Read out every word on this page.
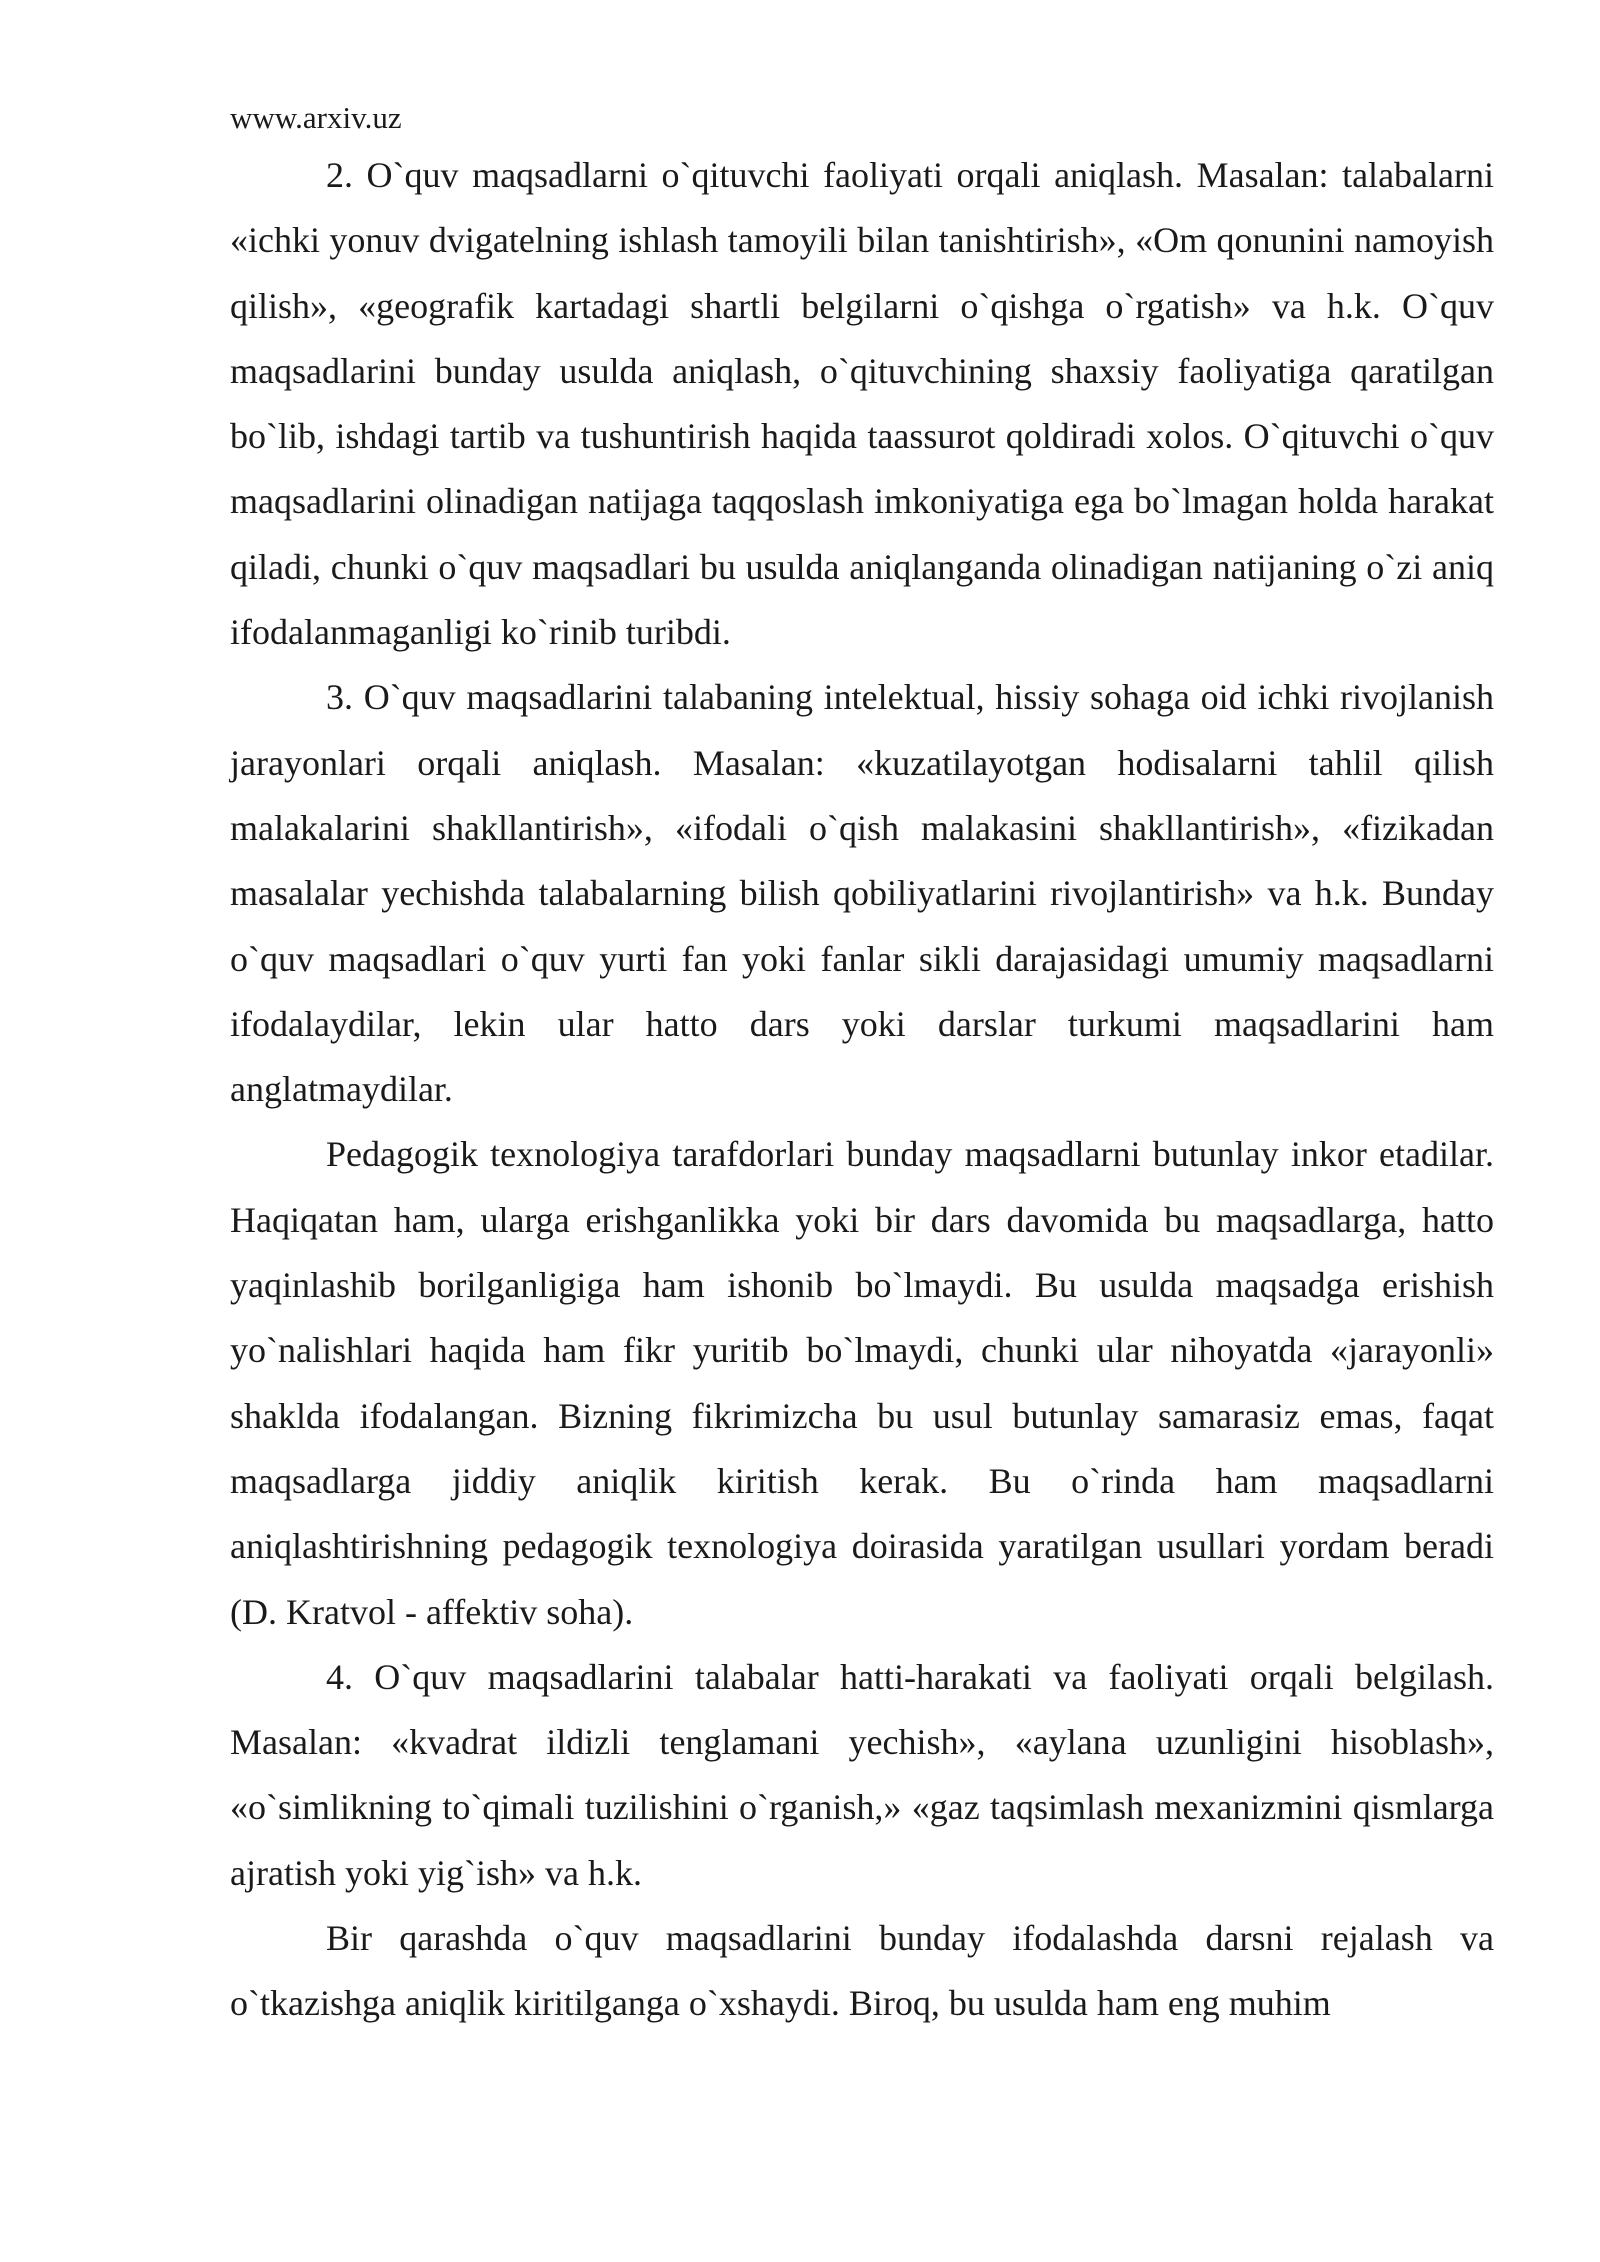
www.arxiv.uz

2. O`quv maqsadlarni o`qituvchi faoliyati orqali aniqlash. Masalan: talabalarni «ichki yonuv dvigatelning ishlash tamoyili bilan tanishtirish», «Om qonunini namoyish qilish», «geografik kartadagi shartli belgilarni o`qishga o`rgatish» va h.k. O`quv maqsadlarini bunday usulda aniqlash, o`qituvchining shaxsiy faoliyatiga qaratilgan bo`lib, ishdagi tartib va tushuntirish haqida taassurot qoldiradi xolos. O`qituvchi o`quv maqsadlarini olinadigan natijaga taqqoslash imkoniyatiga ega bo`lmagan holda harakat qiladi, chunki o`quv maqsadlari bu usulda aniqlanganda olinadigan natijaning o`zi aniq ifodalanmaganligi ko`rinib turibdi.

3. O`quv maqsadlarini talabaning intelektual, hissiy sohaga oid ichki rivojlanish jarayonlari orqali aniqlash. Masalan: «kuzatilayotgan hodisalarni tahlil qilish malakalarini shakllantirish», «ifodali o`qish malakasini shakllantirish», «fizikadan masalalar yechishda talabalarning bilish qobiliyatlarini rivojlantirish» va h.k. Bunday o`quv maqsadlari o`quv yurti fan yoki fanlar sikli darajasidagi umumiy maqsadlarni ifodalaydilar, lekin ular hatto dars yoki darslar turkumi maqsadlarini ham anglatmaydilar.

Pedagogik texnologiya tarafdorlari bunday maqsadlarni butunlay inkor etadilar. Haqiqatan ham, ularga erishganlikka yoki bir dars davomida bu maqsadlarga, hatto yaqinlashib borilganligiga ham ishonib bo`lmaydi. Bu usulda maqsadga erishish yo`nalishlari haqida ham fikr yuritib bo`lmaydi, chunki ular nihoyatda «jarayonli» shaklda ifodalangan. Bizning fikrimizcha bu usul butunlay samarasiz emas, faqat maqsadlarga jiddiy aniqlik kiritish kerak. Bu o`rinda ham maqsadlarni aniqlashtirishning pedagogik texnologiya doirasida yaratilgan usullari yordam beradi (D. Kratvol - affektiv soha).

4. O`quv maqsadlarini talabalar hatti-harakati va faoliyati orqali belgilash. Masalan: «kvadrat ildizli tenglamani yechish», «aylana uzunligini hisoblash», «o`simlikning to`qimali tuzilishini o`rganish,» «gaz taqsimlash mexanizmini qismlarga ajratish yoki yig`ish» va h.k.

Bir qarashda o`quv maqsadlarini bunday ifodalashda darsni rejalash va o`tkazishga aniqlik kiritilganga o`xshaydi. Biroq, bu usulda ham eng muhim
